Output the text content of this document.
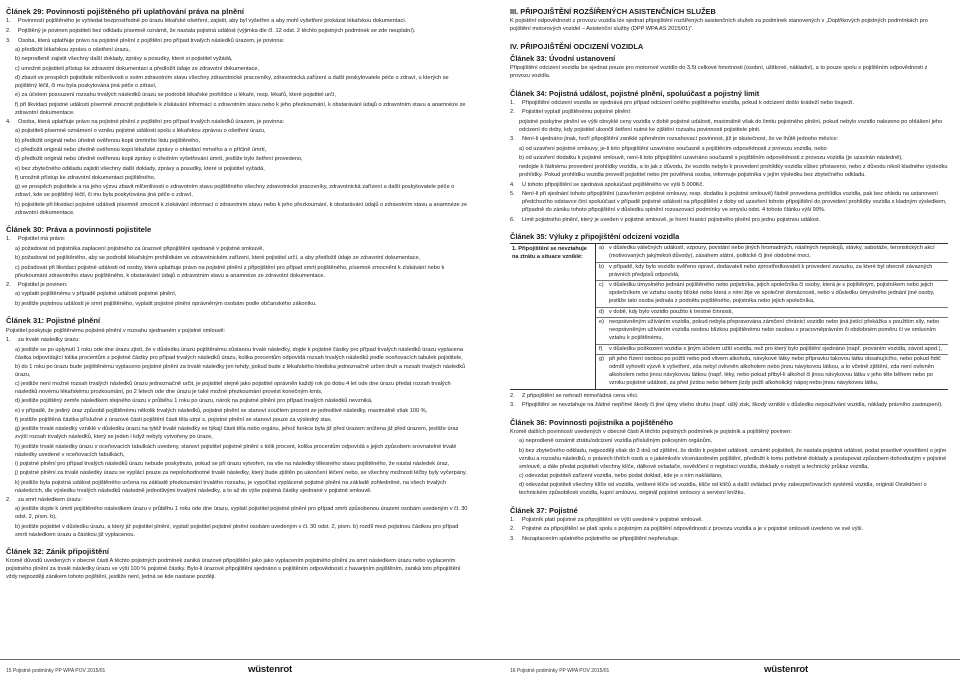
Článek 29: Povinnosti pojištěného při uplatňování práva na plnění
1.	Povinností pojištěného je vyhledat bezprostředně po úrazu lékařské ošetření, zajistit, aby byl vyšetřen a aby mohl vyšetření prokázat lékařskou dokumentací.
2.	Pojištěný je povinen pojistiteli bez odkladu písemně oznámit, že nastala pojistná událost (výjimka dle čl. 12 odst. 2 těchto pojistných podmínek se zde neuplatní).
3.	Osoba, která uplatňuje právo na pojistné plnění z pojištění pro případ trvalých následků úrazem, je povinna:

a) předložit lékařskou zprávu o ošetření úrazu,

b) neprodleně zajistit všechny další doklady, zprávy a posudky, které si pojistitel vyžádá,

c) umožnit pojistiteli přístup ke zdravotní dokumentaci a předložit údaje ze zdravotní dokumentace,

d) zbavit ve prospěch pojistitele mlčenlivosti o svém zdravotním stavu všechny zdravotnické pracovníky, zdravotnická zařízení a další poskytovatele péče o zdraví, u kterých se pojištěný léčil, či mu byla poskytována jiná péče o zdraví,

e) za účelem posouzení rozsahu trvalých následků úrazu se podrobit lékařské prohlídce u lékaře, resp. lékařů, které pojistitel určí,

f) při likvidaci pojistné události písemně zmocnit pojistitele k získávání informací o zdravotním stavu nebo k jeho přezkoumání, k obstarávání údajů o zdravotním stavu a anamnéze ze zdravotní dokumentace.

4.	Osoba, která uplatňuje právo na pojistné plnění z pojištění pro případ trvalých následků úrazem, je povinna:

a) pojistiteli písemné oznámení o vzniku pojistné události spolu s lékařskou zprávou o ošetření úrazu,

b) předložit originál nebo úředně ověřenou kopii úmrtního listu pojištěného,

c) předložit originál nebo úředně ověřenou kopii lékařské zprávy o ohledání mrtvého a o příčině úmrtí,

d) předložit originál nebo úředně ověřenou kopii zprávy o úředním vyšetřování úmrtí, jestliže bylo šetření provedeno,

e) bez zbytečného odkladu zajistit všechny další doklady, zprávy a posudky, které si pojistitel vyžádá,

f) umožnit přístup ke zdravotní dokumentaci pojištěného,

g) ve prospěch pojistitele a na jeho výzvu zbavit mlčenlivosti o zdravotním stavu pojištěného všechny zdravotnické pracovníky, zdravotnická zařízení a další poskytovatele péče o zdraví, kde se pojištěný léčil, či mu byla poskytována jiná péče o zdraví,

h) pojistitele při likvidaci pojistné události písemně zmocnit k získávání informací o zdravotním stavu nebo k jeho přezkoumání, k obstarávání údajů o zdravotním stavu a anamnéze ze zdravotní dokumentace.

Článek 30: Práva a povinnosti pojistitele
1.	Pojistitel má právo:

a) požadovat od pojistníka zaplacení pojistného za úrazové připojištění sjednané v pojistné smlouvě,

b) požadovat od pojištěného, aby se podrobil lékařským prohlídkám ve zdravotnickém zařízení, které pojistitel určí, a aby předložil údaje ze zdravotní dokumentace,

c) požadovat při likvidaci pojistné události od osoby, která uplatňuje právo na pojistné plnění z připojištění pro případ smrti pojištěného, písemné zmocnění k získávání nebo k přezkoumání zdravotního stavu pojištěného, k obstarávání údajů o zdravotním stavu a anamnéze ze zdravotní dokumentace.

2.	Pojistitel je povinen:

a) vyplatit pojištěnému v případě pojistné události pojistné plnění,

b) jestliže pojistnou událostí je smrt pojištěného, vyplatit pojistné plnění oprávněným osobám podle občanského zákoníku.

Článek 31: Pojistné plnění

Pojistitel poskytuje pojištěnému pojistné plnění v rozsahu sjednaném v pojistné smlouvě:

1.	za trvalé následky úrazu:

a) jestliže se po uplynutí 1 roku ode dne úrazu zjistí, že v důsledku úrazu pojištěnému zůstanou trvalé následky, dojde k pojistné částky pro případ trvalých následků úrazu vyplacena částka odpovídající tolika procentům z pojistné částky pro případ trvalých následků úrazu, kolika procentům odpovídá rozsah trvalých následků podle oceňovacích tabulek pojistitele,

b) do 1 roku po úrazu bude pojištěnému vyplaceno pojistné plnění za trvalé následky jen tehdy, pokud bude z lékařského hlediska jednoznačně určen druh a rozsah trvalých následků úrazu,

c) jestliže není možné rozsah trvalých následků úrazu jednoznačně určit, je pojistitel stejně jako pojistitel oprávněn každý rok po dobu 4 let ode dne úrazu předat rozsah trvalých následků novému lékařskému prozkoumání, po 2 letech ode dne úrazu je také možné přezkoumání provést konečným kmis,

d) jestliže pojištěný zemře následkem stejného úrazu v průběhu 1 roku po úrazu, nárok na pojistné plnění pro případ trvalých následků nevzniká,

e) v případě, že jediný úraz způsobil pojištěnému několik trvalých následků, pojistné plnění se stanoví součtem procent ze jednotlivé následky, maximálně však 100 %,

f) jestliže pojištěná částka příslušné z úrazové části pojištění části těla utrpí s, pojistné plnění se stanoví pouze za výsledný stav,

g) jestliže trvalé následky vzniklé v důsledku úrazu na tytéž trvalé následky se týkají části těla nebo orgánu, jehož funkce byla již před úrazem snížena již před úrazem, jestliže úraz zvýší rozsah trvalých následků, který se jeden i když nebyly vytvořeny po úraze,

h) jestliže trvalé následky úrazu v oceňovacích tabulkách uvedeny, stanoví pojistitel pojistné plnění s tolik procent, kolika procentům odpovídá s jejich způsobem srovnatelné trvalé následky uvedené v oceňovacích tabulkách,

i) pojistné plnění pro případ trvalých následků úrazu nebude poskytnuto, pokud se při úrazu vytvořen, na vše na následky tělesného stavu pojištěného, že nastal následek úraz,

j) pojistné plnění za trvalé následky úrazu se vyplácí pouze za nepolohodnotné trvalé následky, který bude zjištěn po ukončení léčení nebo, se všechny možnosti léčby byly vyčerpány.

k) jestliže byla pojistná událost pojištěného určena na základě přezkoumání trvalého rozsahu, je vypočítat vyplácené pojistné plnění na základě zohledněné, na všech trvalých následcích, dle výsledku trvalých následků následně jednotlivými trvalými následky, a to až do výše pojistná částky sjednané v pojistné smlouvě.

2.	za smrt následkem úrazu:

a) jestliže dojde k úmrtí pojištěného následkem úrazu v průběhu 1 roku ode dne úrazu, vyplatí pojistitel pojistné plnění pro případ smrti způsobenou úrazem osobám uvedeným v čl. 30 odst. 2, písm. b),

b) jestliže pojistitel v důsledku úrazu, a který již pojistitel plnění, vyplatí pojistitel pojistné plnění osobám uvedeným v čl. 30 odst. 2, písm. b) rozdíl mezi pojistnou částkou pro případ smrti následkem úrazu a částkou již vyplacenou.

Článek 32: Zánik připojištění

Kromě důvodů uvedených v obecné části A těchto pojistných podmínek zaniká úrazové připojištění jako jako vyplacením pojistného plnění za smrt následkem úrazu nebo vyplacením pojistného plnění za trvalé následky úrazu ve výši 100 % pojistné částky. Bylo-li úrazové připojištění sjednáno s pojištěním odpovědnosti z havarijním pojištěním, zaniká toto připojištění vždy nejpozději zánikem tohoto pojištění, jestliže není, jedná se kde nastane později.

15 Pojistné podmínky PP WPA POV 2015/01	wüstenrot
III. PŘIPOJIŠTĚNÍ ROZŠÍŘENÝCH ASISTENČNÍCH SLUŽEB

K pojistění odpovědnosti z provozu vozidla lze sjednat připojištění rozšířených asistenčních služeb za podmínek stanovených v „Doplňkových pojistných podmínkách pro pojištění motorových vozidel – Asistenční služby (DPP WPA AS 2015/01)“.

IV. PŘIPOJIŠTĚNÍ ODCIZENÍ VOZIDLA
Článek 33: Úvodní ustanovení

Připojištění odcizení vozidla lze sjednat pouze pro motorové vozidlo do 3,5t celkové hmotnosti (osobní, užitkové, nákladní), a to pouze spolu s pojištěním odpovědnosti z provozu vozidla.

Článek 34: Pojistná událost, pojistné plnění, spoluúčast a pojistný limit
1.	Připojištění odcizení vozidla se sjednává pro případ odcizení celého pojištěného vozidla, pokud k odcizení došlo krádeží nebo loupeží.
2.	Pojistitel vyplatí pojištěnému pojistné plnění:

pojistné poskytne plnění ve výši obvyklé ceny vozidla v době pojistné události, maximálně však do limitu pojistného plnění, pokud nebylo vozidlo nalezeno po ohlášení jeho odcizení do doby, kdy pojistitel ukončil šetření nutné ke zjištění rozsahu povinnosti pojistitele plnit.

3.	Není-li ujednáno jinak, tvoří připojištění zaniklé spřeněním rozsahovací povinnost, jíž je skutečnost, že ve lhůtě jednoho měsíce:

a) od uzavření pojistné smlouvy, je-li toto připojištění uzavíráno současně s pojištěním odpovědnosti z provozu vozidla, nebo

b) od uzavření dodatku k pojistné smlouvě, není-li toto připojištění uzavíráno současně s pojištěním odpovědnosti z provozu vozidla (je uzavírán následně),

nedojde k řádnému provedení prohlídky vozidla, a to jak z důvodu, že vozidlo nebylo k provedení prohlídky vozidla vůbec přistaveno, nebo z důvodu nikoli kladného výsledku prohlídky. Pokud prohlídku vozidla provedl pojistitel nebo jím pověřená osoba, informuje pojistníka v jejím výsledku bez zbytečného odkladu.

4.	U tohoto připojištění se sjednává spoluúčast pojištěného ve výši 5 000Kč.
5.	Není-li při sjednání tohoto připojištění (uzavřením pojistné smlouvy, resp. dodatku k pojistné smlouvě) řádně provedena prohlídka vozidla, pak bez ohledu na ustanovení předchozího odstavce činí spoluúčast v případě pojistné události na připojištění z doby od uzavření tohoto připojištění do provedení prohlídky vozidla s kladným výsledkem, případně do zániku tohoto připojištění v důsledku splnění rozvazovací podmínky ve smyslu odst. 4 tohoto článku výši 99%.
6.	Limit pojistného plnění, který je uveden v pojistné smlouvě, je horní hranicí pojistného plnění pro jednu pojistnou událost.
Článek 35: Výluky z připojištění odcizení vozidla
1. Připojištění se nevztahuje na ztrátu a situace vzniklé:
a) v důsledku válečných událostí, vzpoury, povstání nebo jiných hromadných, násilných nepokojů, stávky, sabotáže, teroristických akcí (motivovaných jakýmikoli důvody), zásahem státní, politické či jiné obdobné moci,
b) v případě, kdy bylo vozidlo svěřeno opraví, dodavateli nebo zprostředkovateli k provedení zavazku, za které byl obecně závazných právních předpisů odpovídá,
c) v důsledku úmyslného jednání pojištěného nebo pojistníka, jejich společníka či osoby, která je s pojištěným, pojistníkem nebo jejich společníkem ve vztahu osoby blízké nebo která s nimi žije ve společné domácnosti, nebo v důsledku úmyslného jednání jiné osoby, jestliže tato osoba jednala z podnětu pojištěného, pojistníka nebo jejich společníka,
d) v době, kdy bylo vozidlo použito k trestné činnosti,
e) neoprávněným užíváním vozidla, pokud nebyla přepravována zámčení chránicí vozidlo nebo jiná jistící překážka s použitím síly, nebo neoprávněným užíváním vozidla osobou blízkou pojištěnému nebo osobou v pracovněprávním či obdobném poměru či ve smluvním vztahu k pojištěnému,
f)	v důsledku poškození vozidla s jiným účelem užití vozidla, než pro který bylo pojištění sjednáno (např. prováním vozidla, závod apod.),
g) při jeho řízení osobou po požití nebo pod vlivem alkoholu, návykové látky nebo přípravku takovou látku obsahujícího, nebo pokud řidič odmítl vyhovět výzvě k vyšetření, zda nebyl ovlivněn alkoholem nebo jinou návykovou látkou, a to včetně zjištění, zda není ovlivněn alkoholem nebo jinou návykovou látkou (např. léky, nebo pokud přibyl-li alkohol či jinou návykovou látku v jeho těle během nebo po vzniku pojistné události, za před jízdou nebo během jízdy požil alkoholický nápoj nebo jinou návykovou látku,
2.	Z připojištění se nehradí mimořádná cena věci.
3.	Připojištění se nevztahuje na žádné nepřímé škody či jiné újmy všeho druhu (např. ušlý zisk, škody vzniklé v důsledku nepoužívání vozidla, náklady právního zastoupení).
Článek 36: Povinnosti pojistníka a pojištěného

Kromě dalších povinností uvedených v obecné části A těchto pojistných podmínek je pojistník a pojištěný povinen:

a) neprodleně oznámit ztrátu/odcizení vozidla příslušným policejním orgánům,

b) bez zbytečného odkladu, nejpozději však do 3 dnů od zjištění, že došlo k pojistné události, oznámit pojistiteli, že nastala pojistná událost, podat pravdivé vysvětlení o jejím vzniku a rozsahu následků, o právech třetích osob a o jakémkoliv vícenásobném pojištění, předložit k tomu potřebné doklady a postupovat způsobem dohodnutým v pojistné smlouvě, a dále předat pojistiteli všechny klíče, dálkové ovladače, osvědčení o registraci vozidla, doklady o nabytí a technický průkaz vozidla,

c) odevzdat pojistiteli zařízení vozidla, nebo podat doklad, kde je s ním nakládáno,

d) odevzdat pojistiteli všechny klíče od vozidla, veškeré klíče od vozidla, klíče od klíčů a další ovládací prvky zabezpečovacích systémů vozidla, originál Osvědčení o technickém způsobilosti vozidla, kupní smlouvu, originál pojistné smlouvy a servisní knížku.

Článek 37: Pojistné
1.	Pojistník platí pojistné za připojištění ve výši uvedené v pojistné smlouvě.
2.	Pojistné za připojištění se platí spolu s pojistným za pojištění odpovědnosti z provozu vozidla a je v pojistné smlouvě uvedeno ve své výši.
3.	Nezaplacením splatného pojistného se připojištění nepřerušuje.
16 Pojistné podmínky PP WPA POV 2015/01	wüstenrot
